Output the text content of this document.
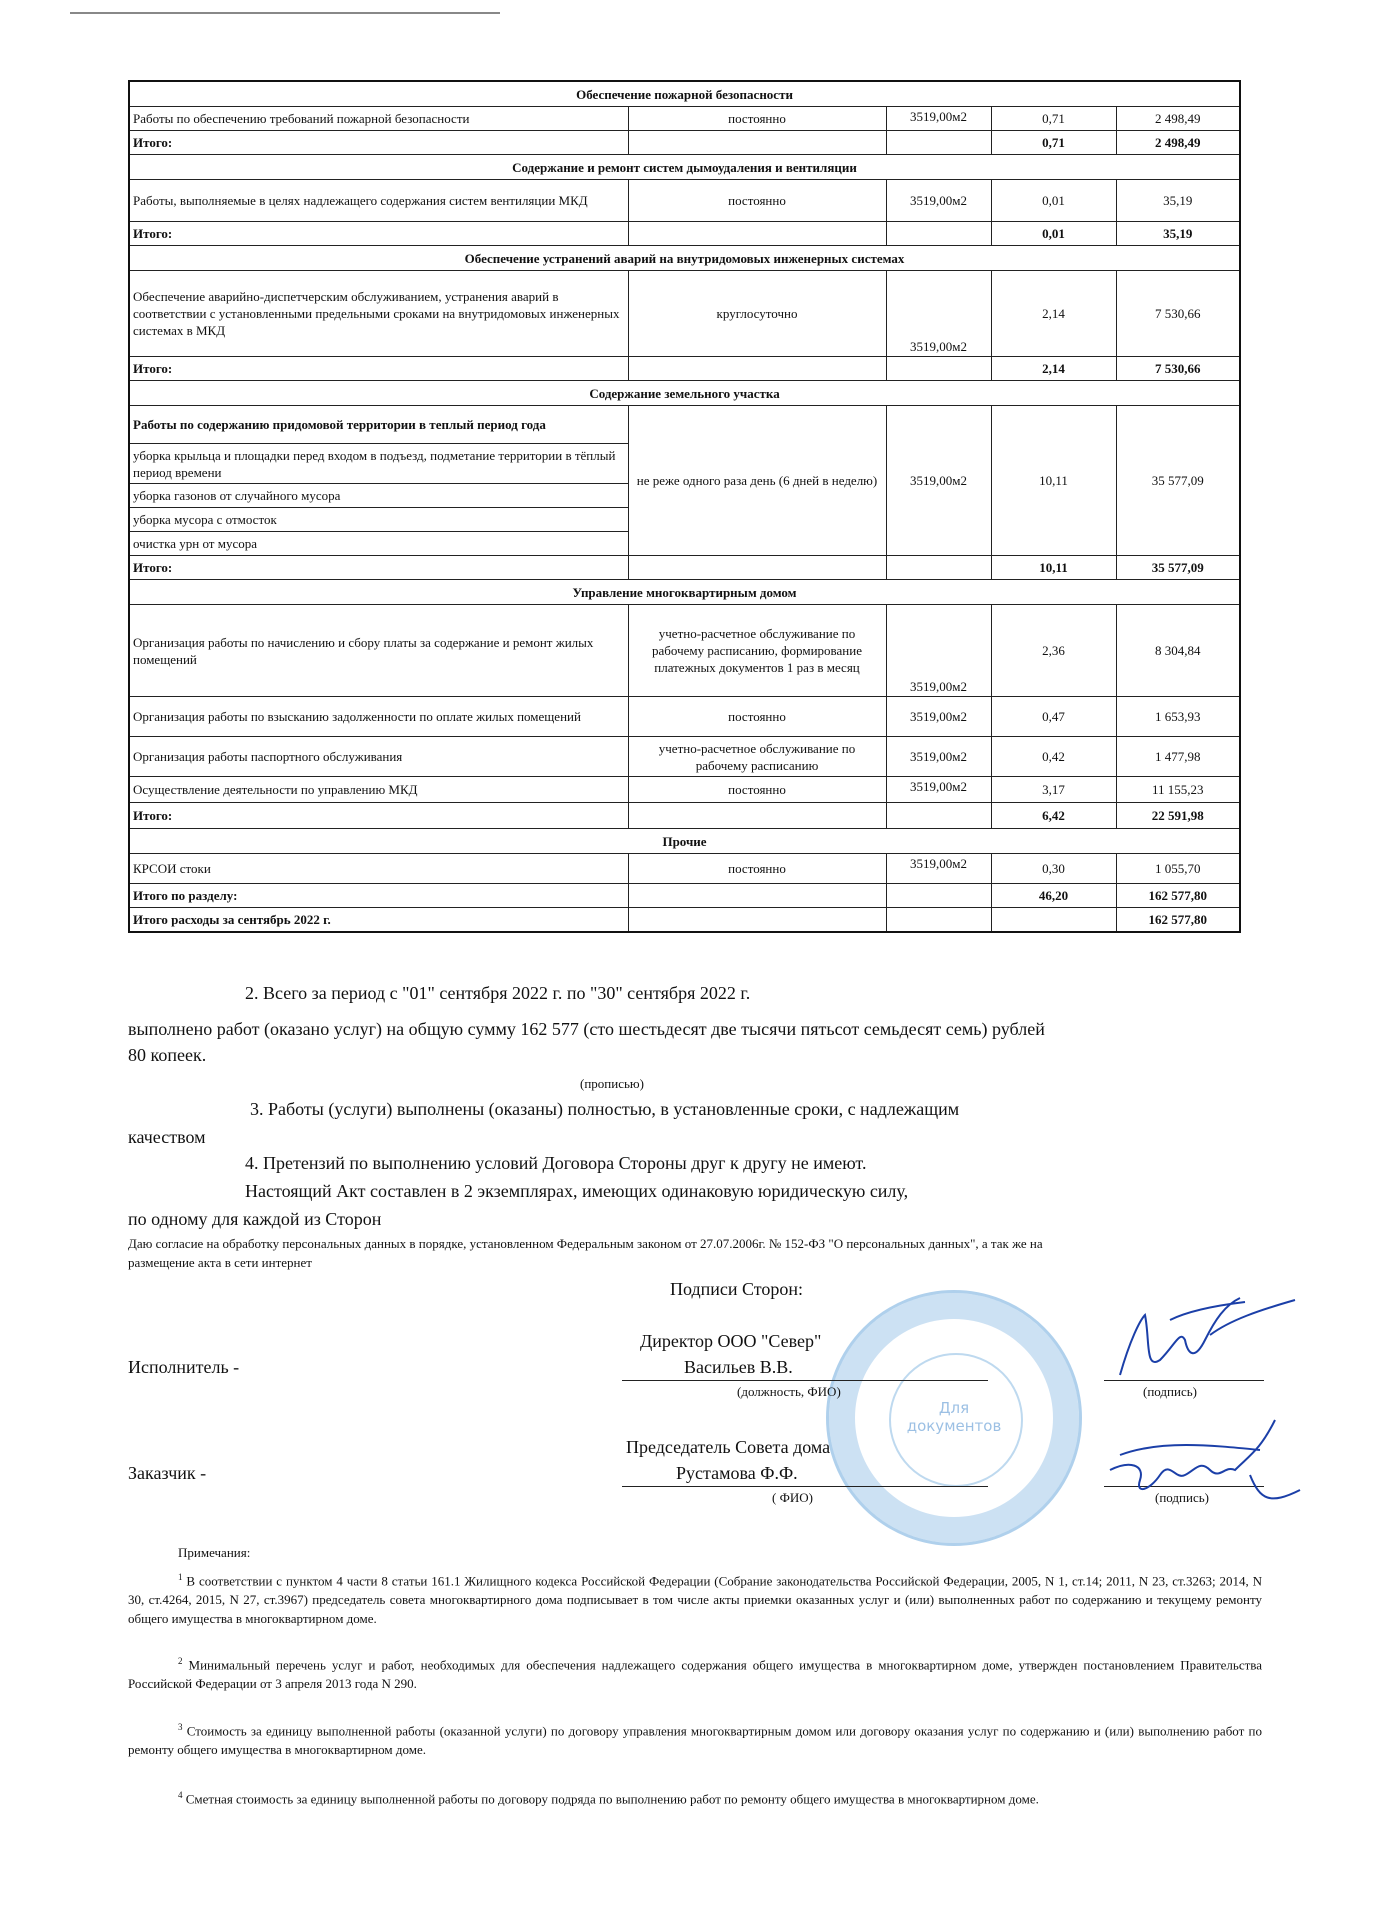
Обеспечение пожарной безопасности				
Работы по обеспечению требований пожарной безопасности	постоянно	3519,00м2	0,71	2 498,49
Итого:			0,71	2 498,49
Содержание и ремонт систем дымоудаления и вентиляции				
Работы, выполняемые в целях надлежащего содержания систем вентиляции МКД	постоянно	3519,00м2	0,01	35,19
Итого:			0,01	35,19
Обеспечение устранений аварий на внутридомовых инженерных системах				
Обеспечение аварийно-диспетчерским обслуживанием, устранения аварий в соответствии с установленными предельными сроками на внутридомовых инженерных системах в МКД	круглосуточно	3519,00м2	2,14	7 530,66
Итого:			2,14	7 530,66
Содержание земельного участка				
Работы по содержанию придомовой территории в теплый период года	не реже одного раза день (6 дней в неделю)	3519,00м2	10,11	35 577,09
уборка крыльца и площадки перед входом в подъезд, подметание территории в тёплый период времени				
уборка газонов от случайного мусора				
уборка мусора с отмосток				
очистка урн от мусора				
Итого:			10,11	35 577,09
Управление многоквартирным домом				
Организация работы по начислению и сбору платы за содержание и ремонт жилых помещений	учетно-расчетное обслуживание по рабочему расписанию, формирование платежных документов 1 раз в месяц	3519,00м2	2,36	8 304,84
Организация работы по взысканию задолженности по оплате жилых помещений	постоянно	3519,00м2	0,47	1 653,93
Организация работы паспортного обслуживания	учетно-расчетное обслуживание по рабочему расписанию	3519,00м2	0,42	1 477,98
Осуществление деятельности по управлению МКД	постоянно	3519,00м2	3,17	11 155,23
Итого:			6,42	22 591,98
Прочие				
КРСОИ стоки	постоянно	3519,00м2	0,30	1 055,70
Итого по разделу:			46,20	162 577,80
Итого расходы за сентябрь 2022 г.				162 577,80
2. Всего за период с "01" сентября 2022 г. по "30" сентября 2022 г.
выполнено работ (оказано услуг) на общую сумму 162 577 (сто шестьдесят две тысячи пятьсот семьдесят семь) рублей
80 копеек.
(прописью)
3. Работы (услуги) выполнены (оказаны) полностью, в установленные сроки, с надлежащим
качеством
4. Претензий по выполнению условий Договора Стороны друг к другу не имеют.
Настоящий Акт составлен в 2 экземплярах, имеющих одинаковую юридическую силу,
по одному для каждой из Сторон
Даю согласие на обработку персональных данных в порядке, установленном Федеральным законом от 27.07.2006г. № 152-ФЗ "О персональных данных", а так же на
размещение акта в сети интернет
Подписи Сторон:
Для
документов
Исполнитель -
Директор ООО "Север"
Васильев В.В.
(должность, ФИО)	(подпись)
Заказчик -
Председатель Совета дома
Рустамова Ф.Ф.
( ФИО)	(подпись)
Примечания:
$^1$ В соответствии с пунктом 4 части 8 статьи 161.1 Жилищного кодекса Российской Федерации (Собрание законодательства Российской Федерации, 2005, N 1, ст.14; 2011, N 23, ст.3263; 2014, N 30, ст.4264, 2015, N 27, ст.3967) председатель совета многоквартирного дома подписывает в том числе акты приемки оказанных услуг и (или) выполненных работ по содержанию и текущему ремонту общего имущества в многоквартирном доме.
$^2$ Минимальный перечень услуг и работ, необходимых для обеспечения надлежащего содержания общего имущества в многоквартирном доме, утвержден постановлением Правительства Российской Федерации от 3 апреля 2013 года N 290.
$^3$ Стоимость за единицу выполненной работы (оказанной услуги) по договору управления многоквартирным домом или договору оказания услуг по содержанию и (или) выполнению работ по ремонту общего имущества в многоквартирном доме.
$^4$ Сметная стоимость за единицу выполненной работы по договору подряда по выполнению работ по ремонту общего имущества в многоквартирном доме.
